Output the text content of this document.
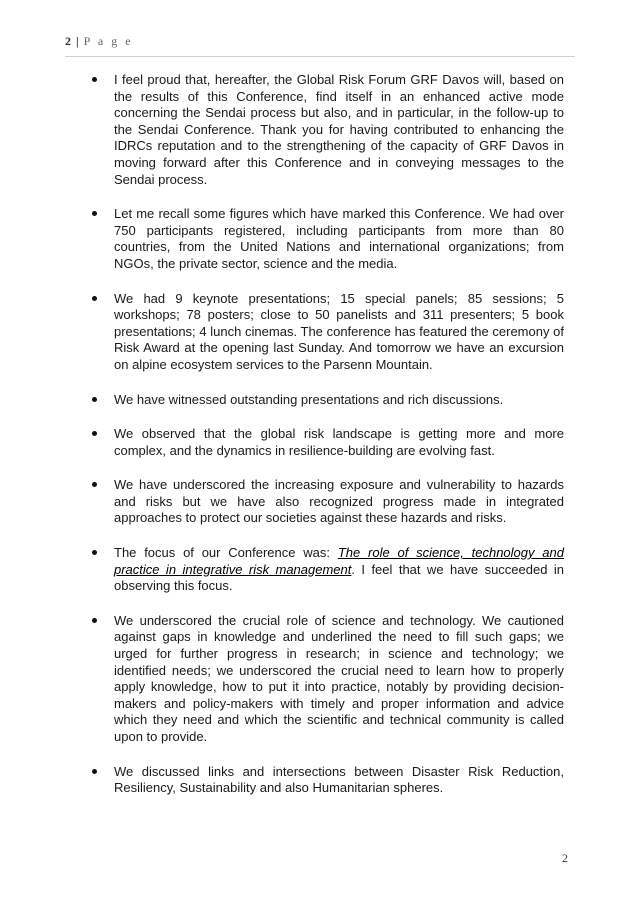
2 | P a g e
I feel proud that, hereafter, the Global Risk Forum GRF Davos will, based on the results of this Conference, find itself in an enhanced active mode concerning the Sendai process but also, and in particular, in the follow-up to the Sendai Conference. Thank you for having contributed to enhancing the IDRCs reputation and to the strengthening of the capacity of GRF Davos in moving forward after this Conference and in conveying messages to the Sendai process.
Let me recall some figures which have marked this Conference. We had over 750 participants registered, including participants from more than 80 countries, from the United Nations and international organizations; from NGOs, the private sector, science and the media.
We had 9 keynote presentations; 15 special panels; 85 sessions; 5 workshops; 78 posters; close to 50 panelists and 311 presenters; 5 book presentations; 4 lunch cinemas. The conference has featured the ceremony of Risk Award at the opening last Sunday. And tomorrow we have an excursion on alpine ecosystem services to the Parsenn Mountain.
We have witnessed outstanding presentations and rich discussions.
We observed that the global risk landscape is getting more and more complex, and the dynamics in resilience-building are evolving fast.
We have underscored the increasing exposure and vulnerability to hazards and risks but we have also recognized progress made in integrated approaches to protect our societies against these hazards and risks.
The focus of our Conference was: The role of science, technology and practice in integrative risk management. I feel that we have succeeded in observing this focus.
We underscored the crucial role of science and technology. We cautioned against gaps in knowledge and underlined the need to fill such gaps; we urged for further progress in research; in science and technology; we identified needs; we underscored the crucial need to learn how to properly apply knowledge, how to put it into practice, notably by providing decision-makers and policy-makers with timely and proper information and advice which they need and which the scientific and technical community is called upon to provide.
We discussed links and intersections between Disaster Risk Reduction, Resiliency, Sustainability and also Humanitarian spheres.
2
